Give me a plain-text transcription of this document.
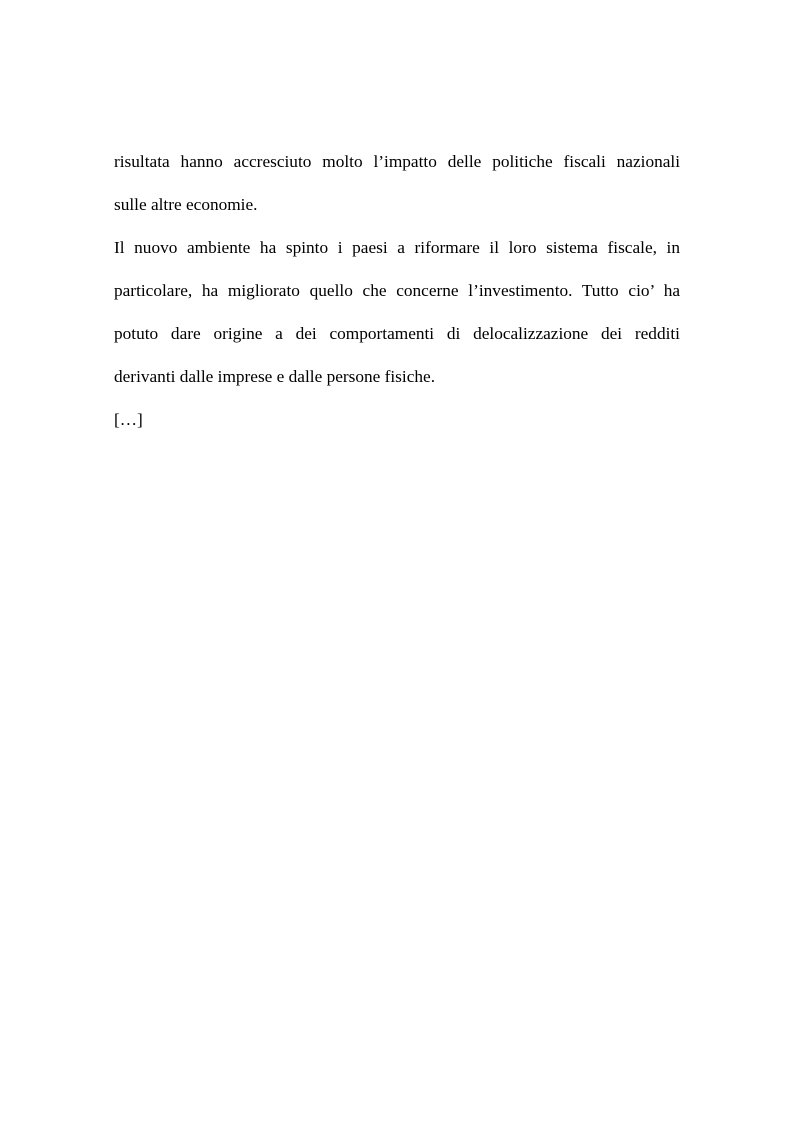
risultata hanno accresciuto molto l’impatto delle politiche fiscali nazionali
sulle altre economie.
Il nuovo ambiente ha spinto i paesi a riformare il loro sistema fiscale, in
particolare, ha migliorato quello che concerne l’investimento. Tutto cio’ ha
potuto dare origine a dei comportamenti di delocalizzazione dei redditi
derivanti dalle imprese e dalle persone fisiche.
[…]
